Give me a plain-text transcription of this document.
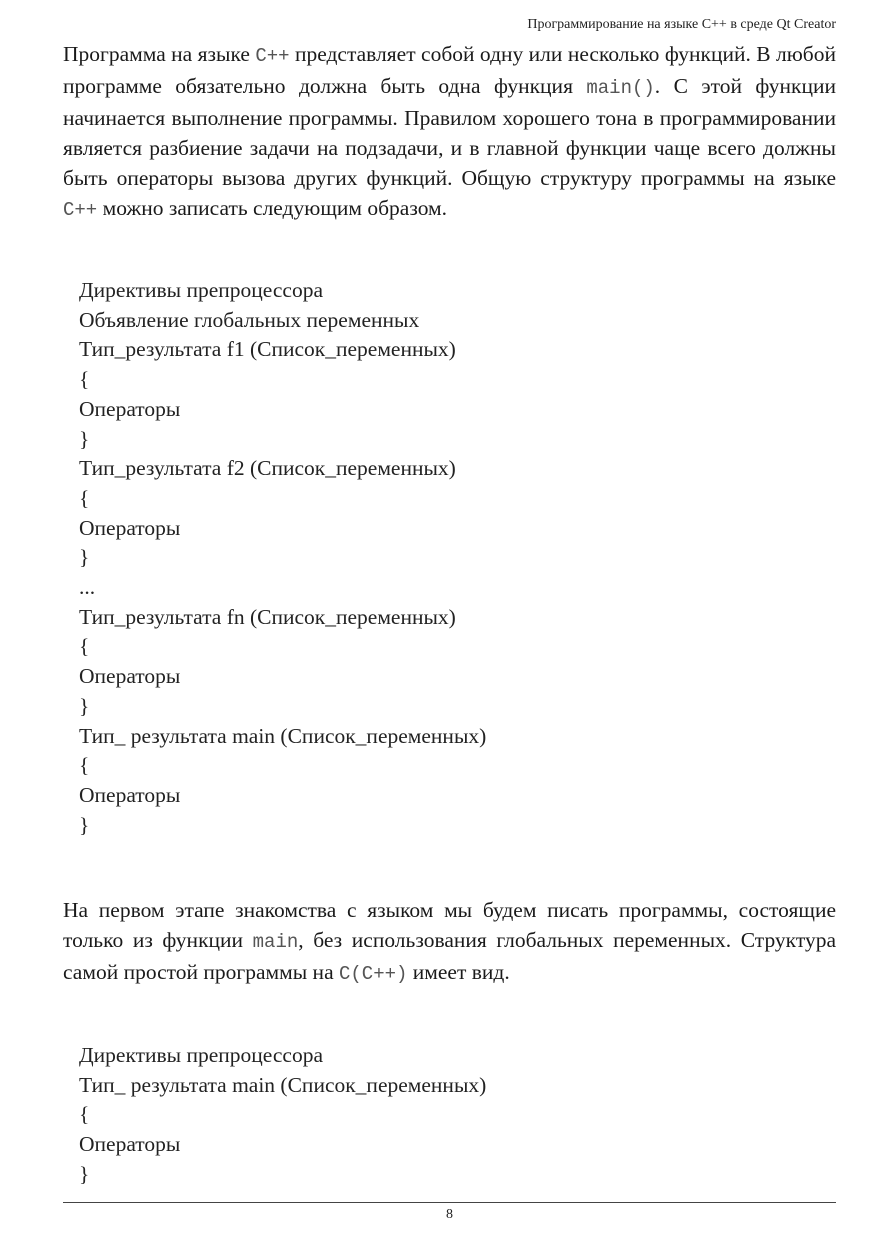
Программирование на языке C++ в среде Qt Creator
Программа на языке C++ представляет собой одну или несколько функций. В любой программе обязательно должна быть одна функция main(). С этой функции начинается выполнение программы. Правилом хорошего тона в программировании является разбиение задачи на подзадачи, и в главной функции чаще всего должны быть операторы вызова других функций. Общую структуру программы на языке C++ можно записать следующим образом.
Директивы препроцессора
Объявление глобальных переменных
Тип_результата f1 (Список_переменных)
{
Операторы
}
Тип_результата f2 (Список_переменных)
{
Операторы
}
...
Тип_результата fn (Список_переменных)
{
Операторы
}
Тип_ результата main (Список_переменных)
{
Операторы
}
На первом этапе знакомства с языком мы будем писать программы, состоящие только из функции main, без использования глобальных переменных. Структура самой простой программы на C(C++) имеет вид.
Директивы препроцессора
Тип_ результата main (Список_переменных)
{
Операторы
}
8
